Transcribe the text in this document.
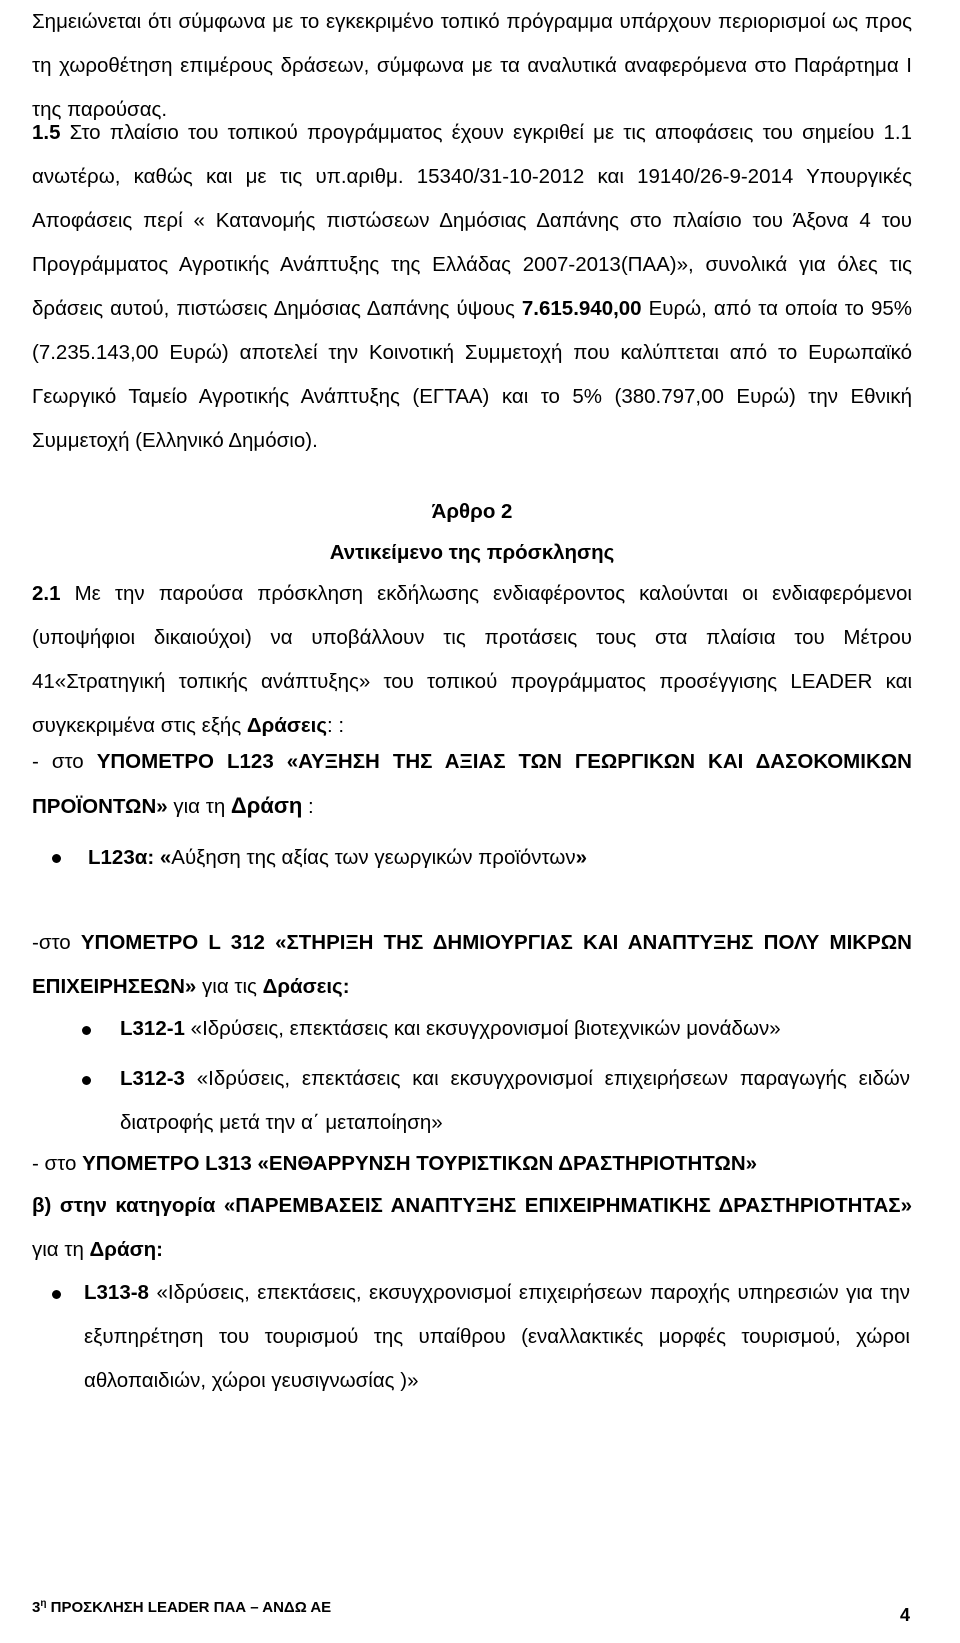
Σημειώνεται ότι σύμφωνα με το εγκεκριμένο τοπικό πρόγραμμα υπάρχουν περιορισμοί ως προς τη χωροθέτηση επιμέρους δράσεων, σύμφωνα με τα αναλυτικά αναφερόμενα στο Παράρτημα Ι της παρούσας.

1.5 Στο πλαίσιο του τοπικού προγράμματος έχουν εγκριθεί με τις αποφάσεις του σημείου 1.1 ανωτέρω, καθώς και με τις υπ.αριθμ. 15340/31-10-2012 και 19140/26-9-2014 Υπουργικές Αποφάσεις περί « Κατανομής πιστώσεων Δημόσιας Δαπάνης στο πλαίσιο του Άξονα 4 του Προγράμματος Αγροτικής Ανάπτυξης της Ελλάδας 2007-2013(ΠΑΑ)», συνολικά για όλες τις δράσεις αυτού, πιστώσεις Δημόσιας Δαπάνης ύψους 7.615.940,00 Ευρώ, από τα οποία το 95% (7.235.143,00 Ευρώ) αποτελεί την Κοινοτική Συμμετοχή που καλύπτεται από το Ευρωπαϊκό Γεωργικό Ταμείο Αγροτικής Ανάπτυξης (ΕΓΤΑΑ) και το 5% (380.797,00 Ευρώ) την Εθνική Συμμετοχή (Ελληνικό Δημόσιο).

Άρθρο 2

Αντικείμενο της πρόσκλησης

2.1 Με την παρούσα πρόσκληση εκδήλωσης ενδιαφέροντος καλούνται οι ενδιαφερόμενοι (υποψήφιοι δικαιούχοι) να υποβάλλουν τις προτάσεις τους στα πλαίσια του Μέτρου 41«Στρατηγική τοπικής ανάπτυξης» του τοπικού προγράμματος προσέγγισης LEADER και συγκεκριμένα στις εξής Δράσεις: :

- στο ΥΠΟΜΕΤΡΟ L123 «ΑΥΞΗΣΗ ΤΗΣ ΑΞΙΑΣ ΤΩΝ ΓΕΩΡΓΙΚΩΝ ΚΑΙ ΔΑΣΟΚΟΜΙΚΩΝ ΠΡΟΪΟΝΤΩΝ» για τη Δράση :

L123α: «Αύξηση της αξίας των γεωργικών προϊόντων»

-στο ΥΠΟΜΕΤΡΟ L 312 «ΣΤΗΡΙΞΗ ΤΗΣ ΔΗΜΙΟΥΡΓΙΑΣ ΚΑΙ ΑΝΑΠΤΥΞΗΣ ΠΟΛΥ ΜΙΚΡΩΝ ΕΠΙΧΕΙΡΗΣΕΩΝ» για τις Δράσεις:

L312-1 «Ιδρύσεις, επεκτάσεις και εκσυγχρονισμοί βιοτεχνικών μονάδων»

L312-3 «Ιδρύσεις, επεκτάσεις και εκσυγχρονισμοί επιχειρήσεων παραγωγής ειδών διατροφής μετά την α΄ μεταποίηση»

- στο ΥΠΟΜΕΤΡΟ L313 «ΕΝΘΑΡΡΥΝΣΗ ΤΟΥΡΙΣΤΙΚΩΝ ΔΡΑΣΤΗΡΙΟΤΗΤΩΝ»

β) στην κατηγορία «ΠΑΡΕΜΒΑΣΕΙΣ ΑΝΑΠΤΥΞΗΣ ΕΠΙΧΕΙΡΗΜΑΤΙΚΗΣ ΔΡΑΣΤΗΡΙΟΤΗΤΑΣ» για τη Δράση:

L313-8 «Ιδρύσεις, επεκτάσεις, εκσυγχρονισμοί επιχειρήσεων παροχής υπηρεσιών για την εξυπηρέτηση του τουρισμού της υπαίθρου (εναλλακτικές μορφές τουρισμού, χώροι αθλοπαιδιών, χώροι γευσιγνωσίας )»

$3^\eta$ ΠΡΟΣΚΛΗΣΗ LEADER ΠΑΑ – ΑΝΔΩ ΑΕ	4
